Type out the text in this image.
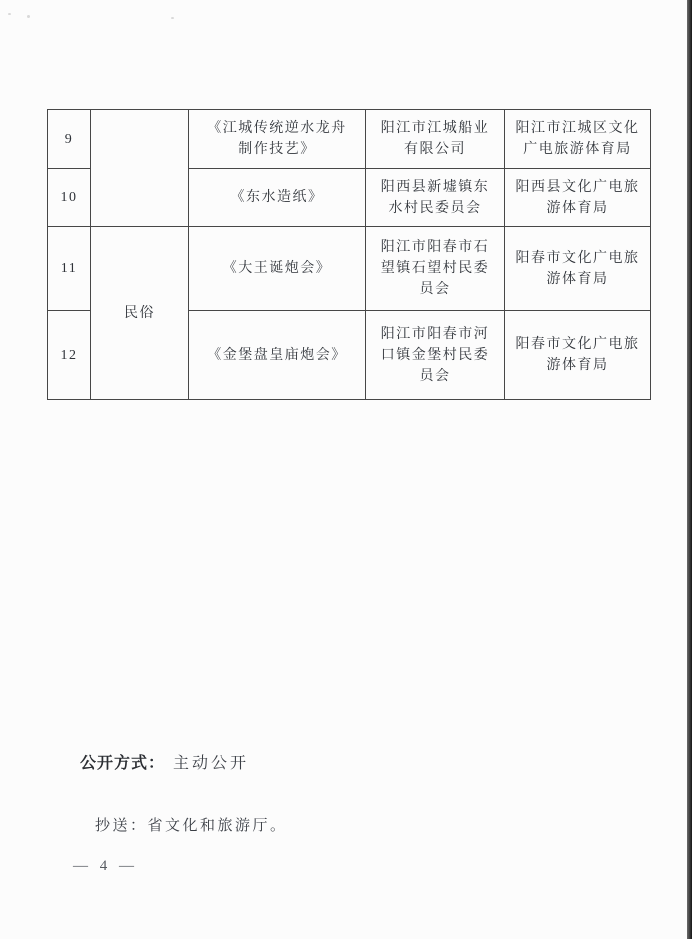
9		《江城传统逆水龙舟制作技艺》	阳江市江城船业有限公司	阳江市江城区文化广电旅游体育局
10		《东水造纸》	阳西县新墟镇东水村民委员会	阳西县文化广电旅游体育局
11	民俗	《大王诞炮会》	阳江市阳春市石望镇石望村民委员会	阳春市文化广电旅游体育局
12		《金堡盘皇庙炮会》	阳江市阳春市河口镇金堡村民委员会	阳春市文化广电旅游体育局
公开方式： 主动公开
抄送：省文化和旅游厅。
— 4 —
